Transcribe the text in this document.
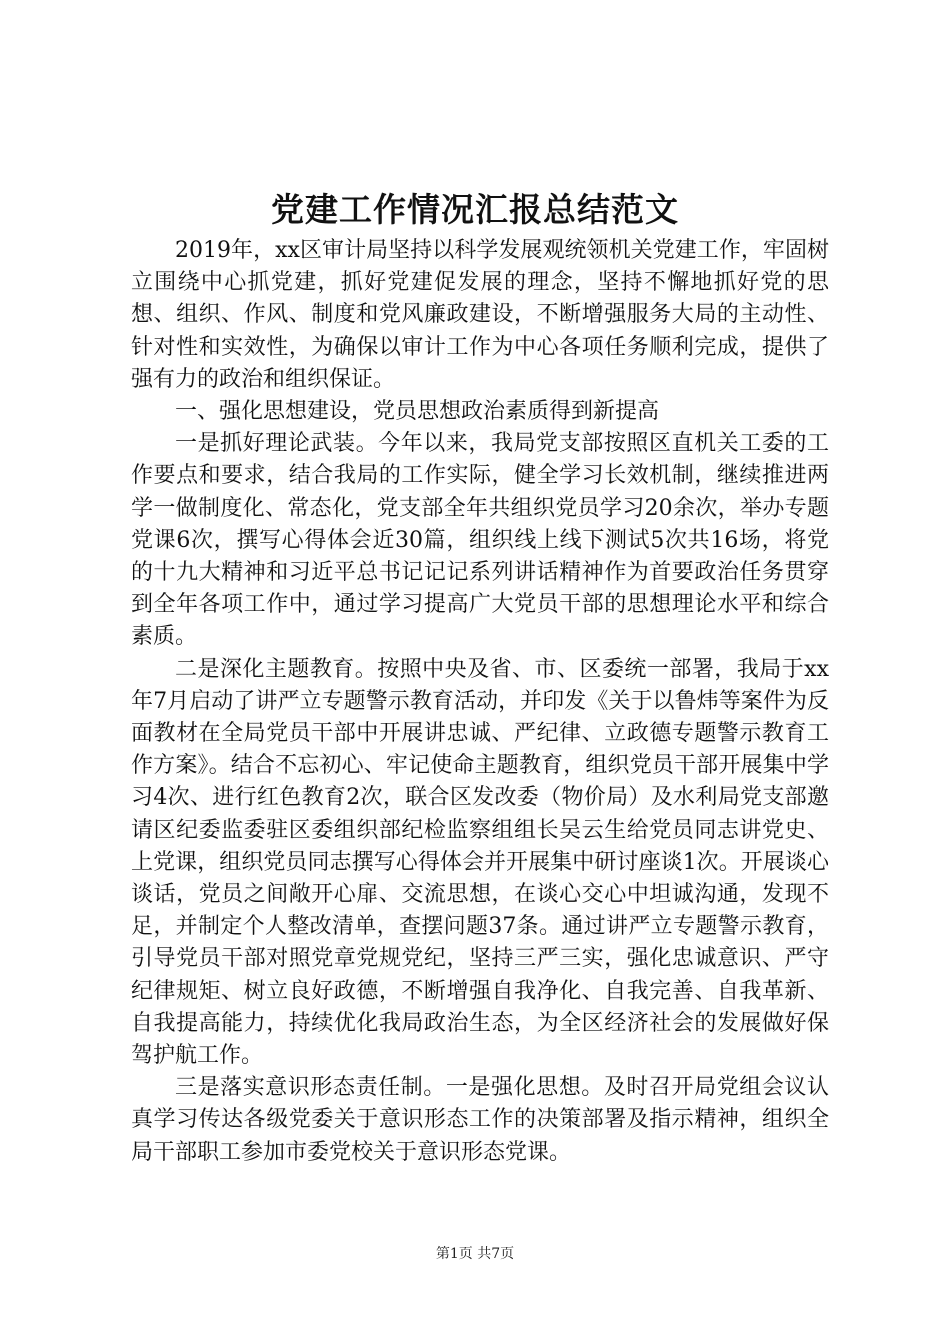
党建工作情况汇报总结范文

2019年，xx区审计局坚持以科学发展观统领机关党建工作，牢固树立围绕中心抓党建，抓好党建促发展的理念，坚持不懈地抓好党的思想、组织、作风、制度和党风廉政建设，不断增强服务大局的主动性、针对性和实效性，为确保以审计工作为中心各项任务顺利完成，提供了强有力的政治和组织保证。

一、强化思想建设，党员思想政治素质得到新提高

一是抓好理论武装。今年以来，我局党支部按照区直机关工委的工作要点和要求，结合我局的工作实际，健全学习长效机制，继续推进两学一做制度化、常态化，党支部全年共组织党员学习20余次，举办专题党课6次，撰写心得体会近30篇，组织线上线下测试5次共16场，将党的十九大精神和习近平总书记记记系列讲话精神作为首要政治任务贯穿到全年各项工作中，通过学习提高广大党员干部的思想理论水平和综合素质。

二是深化主题教育。按照中央及省、市、区委统一部署，我局于xx年7月启动了讲严立专题警示教育活动，并印发《关于以鲁炜等案件为反面教材在全局党员干部中开展讲忠诚、严纪律、立政德专题警示教育工作方案》。结合不忘初心、牢记使命主题教育，组织党员干部开展集中学习4次、进行红色教育2次，联合区发改委（物价局）及水利局党支部邀请区纪委监委驻区委组织部纪检监察组组长吴云生给党员同志讲党史、上党课，组织党员同志撰写心得体会并开展集中研讨座谈1次。开展谈心谈话，党员之间敞开心扉、交流思想，在谈心交心中坦诚沟通，发现不足，并制定个人整改清单，查摆问题37条。通过讲严立专题警示教育，引导党员干部对照党章党规党纪，坚持三严三实，强化忠诚意识、严守纪律规矩、树立良好政德，不断增强自我净化、自我完善、自我革新、自我提高能力，持续优化我局政治生态，为全区经济社会的发展做好保驾护航工作。

三是落实意识形态责任制。一是强化思想。及时召开局党组会议认真学习传达各级党委关于意识形态工作的决策部署及指示精神，组织全局干部职工参加市委党校关于意识形态党课。

第1页 共7页
